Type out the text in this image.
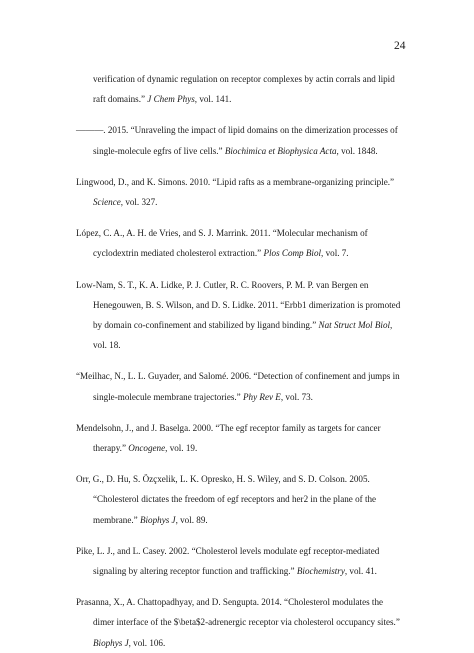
24

verification of dynamic regulation on receptor complexes by actin corrals and lipid raft domains.” J Chem Phys, vol. 141.

———. 2015. “Unraveling the impact of lipid domains on the dimerization processes of single-molecule egfrs of live cells.” Biochimica et Biophysica Acta, vol. 1848.

Lingwood, D., and K. Simons. 2010. “Lipid rafts as a membrane-organizing principle.” Science, vol. 327.

López, C. A., A. H. de Vries, and S. J. Marrink. 2011. “Molecular mechanism of cyclodextrin mediated cholesterol extraction.” Plos Comp Biol, vol. 7.

Low-Nam, S. T., K. A. Lidke, P. J. Cutler, R. C. Roovers, P. M. P. van Bergen en Henegouwen, B. S. Wilson, and D. S. Lidke. 2011. “Erbb1 dimerization is promoted by domain co-confinement and stabilized by ligand binding.” Nat Struct Mol Biol, vol. 18.

“Meilhac, N., L. L. Guyader, and Salomé. 2006. “Detection of confinement and jumps in single-molecule membrane trajectories.” Phy Rev E, vol. 73.

Mendelsohn, J., and J. Baselga. 2000. “The egf receptor family as targets for cancer therapy.” Oncogene, vol. 19.

Orr, G., D. Hu, S. Özçxelik, L. K. Opresko, H. S. Wiley, and S. D. Colson. 2005. “Cholesterol dictates the freedom of egf receptors and her2 in the plane of the membrane.” Biophys J, vol. 89.

Pike, L. J., and L. Casey. 2002. “Cholesterol levels modulate egf receptor-mediated signaling by altering receptor function and trafficking.” Biochemistry, vol. 41.

Prasanna, X., A. Chattopadhyay, and D. Sengupta. 2014. “Cholesterol modulates the dimer interface of the $\beta$2-adrenergic receptor via cholesterol occupancy sites.” Biophys J, vol. 106.
